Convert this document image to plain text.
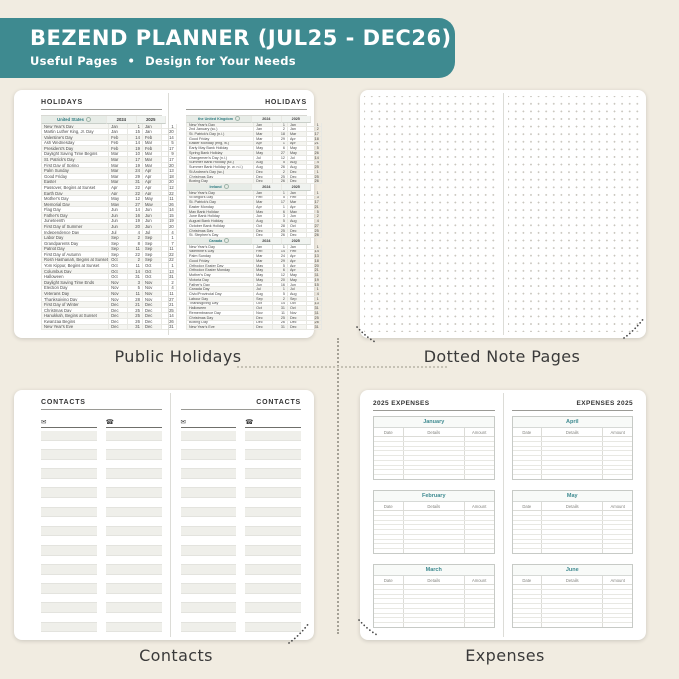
BEZEND PLANNER (JUL25 - DEC26)
Useful Pages • Design for Your Needs
HOLIDAYS
United States	2024	2025
New Year's Day	Jan	1	Jan	1
Martin Luther King, Jr. Day	Jan	15	Jan	20
Valentine's Day	Feb	14	Feb	14
Ash Wednesday	Feb	14	Mar	5
President's Day	Feb	19	Feb	17
Daylight Saving Time Begins	Mar	10	Mar	9
St. Patrick's Day	Mar	17	Mar	17
First Day of Spring	Mar	19	Mar	20
Palm Sunday	Mar	24	Apr	13
Good Friday	Mar	29	Apr	18
Easter	Mar	31	Apr	20
Passover, Begins at Sunset	Apr	22	Apr	12
Earth Day	Apr	22	Apr	22
Mother's Day	May	12	May	11
Memorial Day	May	27	May	26
Flag Day	Jun	14	Jun	14
Father's Day	Jun	16	Jun	15
Juneteenth	Jun	19	Jun	19
First Day of Summer	Jun	20	Jun	20
Independence Day	Jul	4	Jul	4
Labor Day	Sep	2	Sep	1
Grandparents Day	Sep	8	Sep	7
Patriot Day	Sep	11	Sep	11
First Day of Autumn	Sep	22	Sep	22
Rosh Hashanah, Begins at Sunset Oct	2	Sep	22
Yom Kippur, Begins at Sunset	Oct	11	Oct	1
Columbus Day	Oct	14	Oct	13
Halloween	Oct	31	Oct	31
Daylight Saving Time Ends	Nov	3	Nov	2
Election Day	Nov	5	Nov	4
Veterans Day	Nov	11	Nov	11
Thanksgiving Day	Nov	28	Nov	27
First Day of Winter	Dec	21	Dec	21
Christmas Day	Dec	25	Dec	25
Hanukkah, Begins at Sunset	Dec	25	Dec	14
Kwanzaa Begins	Dec	26	Dec	26
New Year's Eve	Dec	31	Dec	31
HOLIDAYS
the United Kingdom	2024	2025
New Year's Day	Jan	1	Jan	1
2nd January (sc.)	Jan	2	Jan	2
St. Patrick's Day (n.i.)	Mar	18	Mar	17
Good Friday	Mar	29	Apr	18
Easter Monday (eng, w.)	Apr	1	Apr	21
Early May Bank Holiday	May	6	May	5
Spring Bank Holiday	May	27	May	26
Orangemen's Day (n.i.)	Jul	12	Jul	14
Summer Bank Holiday (sc.)	Aug	5	Aug	4
Summer Bank Holiday (e. w. n.i.)	Aug	26	Aug	25
St Andrew's Day (sc.)	Dec	2	Dec	1
Christmas Day	Dec	25	Dec	25
Boxing Day	Dec	26	Dec	26
Ireland	2024	2025
New Year's Day	Jan	1	Jan	1
St Brigid's Day	Feb	5	Feb	3
St. Patrick's Day	Mar	17	Mar	17
Easter Monday	Apr	1	Apr	21
May Bank Holiday	May	6	May	5
June Bank Holiday	Jun	3	Jun	2
August Bank Holiday	Aug	5	Aug	4
October Bank Holiday	Oct	28	Oct	27
Christmas Day	Dec	25	Dec	25
St. Stephen's Day	Dec	26	Dec	26
Canada	2024	2025
New Year's Day	Jan	1	Jan	1
Valentine's Day	Feb	14	Feb	14
Palm Sunday	Mar	24	Apr	13
Good Friday	Mar	29	Apr	18
Orthodox Easter Day	May	5	Apr	20
Orthodox Easter Monday	May	6	Apr	21
Mother's Day	May	12	May	11
Victoria Day	May	20	May	19
Father's Day	Jun	16	Jun	15
Canada Day	Jul	1	Jul	1
Civic/Provincial Day	Aug	5	Aug	4
Labour Day	Sep	2	Sep	1
Thanksgiving Day	Oct	14	Oct	13
Halloween	Oct	31	Oct	31
Remembrance Day	Nov	11	Nov	11
Christmas Day	Dec	25	Dec	25
Boxing Day	Dec	26	Dec	26
New Year's Eve	Dec	31	Dec	31
CONTACTS
✉	☎
CONTACTS
✉	☎
2025 EXPENSES
January
Date	Details	Amount
February
Date	Details	Amount
March
Date	Details	Amount
EXPENSES 2025
April
Date	Details	Amount
May
Date	Details	Amount
June
Date	Details	Amount
Public Holidays	Dotted Note Pages
Contacts	Expenses
